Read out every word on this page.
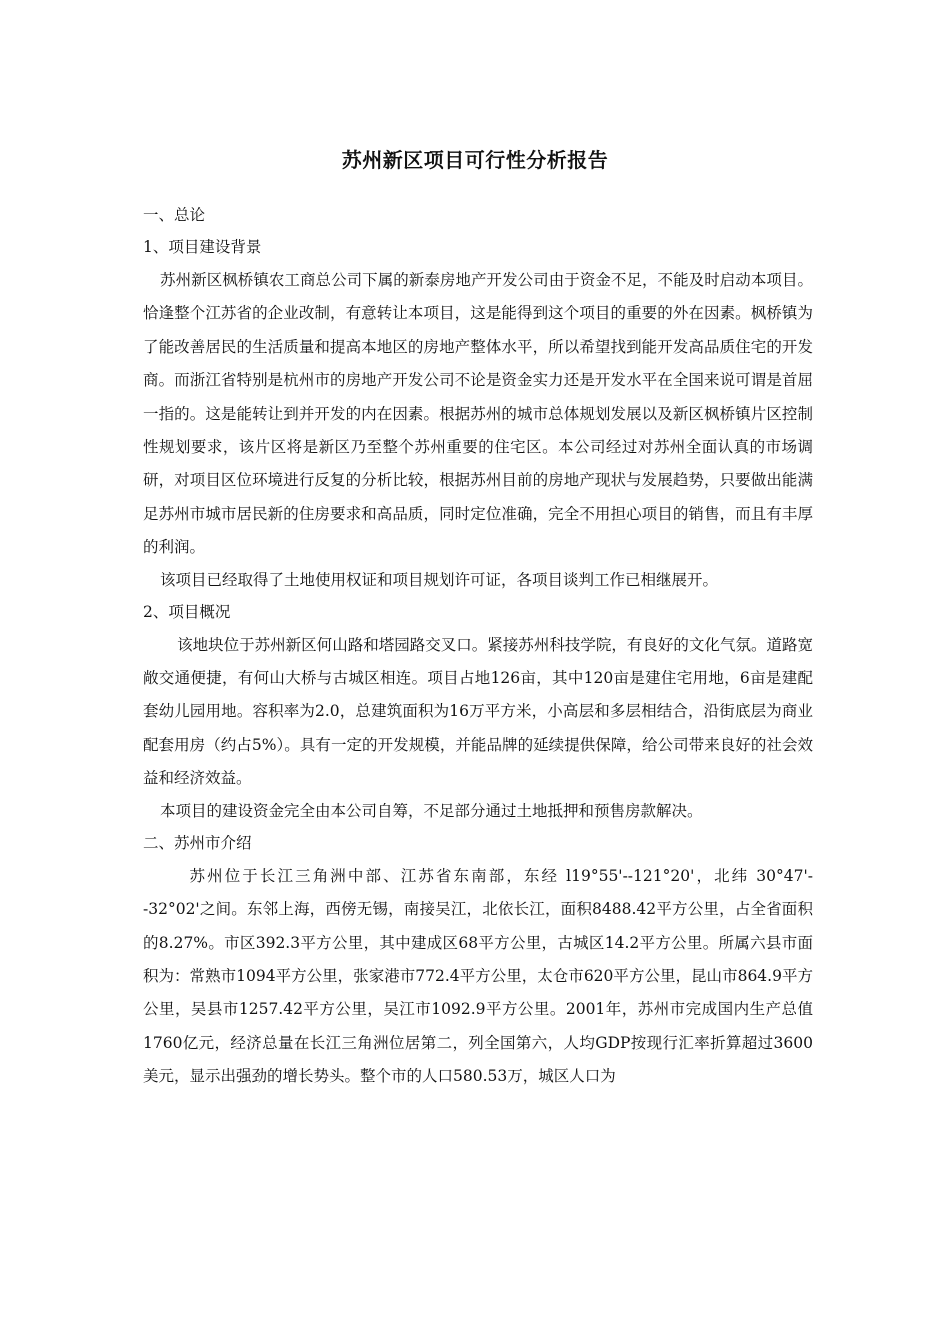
苏州新区项目可行性分析报告

一、总论

1、项目建设背景

苏州新区枫桥镇农工商总公司下属的新泰房地产开发公司由于资金不足，不能及时启动本项目。恰逢整个江苏省的企业改制，有意转让本项目，这是能得到这个项目的重要的外在因素。枫桥镇为了能改善居民的生活质量和提高本地区的房地产整体水平，所以希望找到能开发高品质住宅的开发商。而浙江省特别是杭州市的房地产开发公司不论是资金实力还是开发水平在全国来说可谓是首屈一指的。这是能转让到并开发的内在因素。根据苏州的城市总体规划发展以及新区枫桥镇片区控制性规划要求，该片区将是新区乃至整个苏州重要的住宅区。本公司经过对苏州全面认真的市场调研，对项目区位环境进行反复的分析比较，根据苏州目前的房地产现状与发展趋势，只要做出能满足苏州市城市居民新的住房要求和高品质，同时定位准确，完全不用担心项目的销售，而且有丰厚的利润。

该项目已经取得了土地使用权证和项目规划许可证，各项目谈判工作已相继展开。

2、项目概况

该地块位于苏州新区何山路和塔园路交叉口。紧接苏州科技学院，有良好的文化气氛。道路宽敞交通便捷，有何山大桥与古城区相连。项目占地126亩，其中120亩是建住宅用地，6亩是建配套幼儿园用地。容积率为2.0，总建筑面积为16万平方米，小高层和多层相结合，沿街底层为商业配套用房（约占5%）。具有一定的开发规模，并能品牌的延续提供保障，给公司带来良好的社会效益和经济效益。

本项目的建设资金完全由本公司自筹，不足部分通过土地抵押和预售房款解决。

二、苏州市介绍

苏州位于长江三角洲中部、江苏省东南部，东经 l19°55'--121°20'，北纬 30°47'--32°02'之间。东邻上海，西傍无锡，南接吴江，北依长江，面积8488.42平方公里，占全省面积的8.27%。市区392.3平方公里，其中建成区68平方公里，古城区14.2平方公里。所属六县市面积为：常熟市1094平方公里，张家港市772.4平方公里，太仓市620平方公里，昆山市864.9平方公里，吴县市1257.42平方公里，吴江市1092.9平方公里。2001年，苏州市完成国内生产总值1760亿元，经济总量在长江三角洲位居第二，列全国第六，人均GDP按现行汇率折算超过3600美元，显示出强劲的增长势头。整个市的人口580.53万，城区人口为
